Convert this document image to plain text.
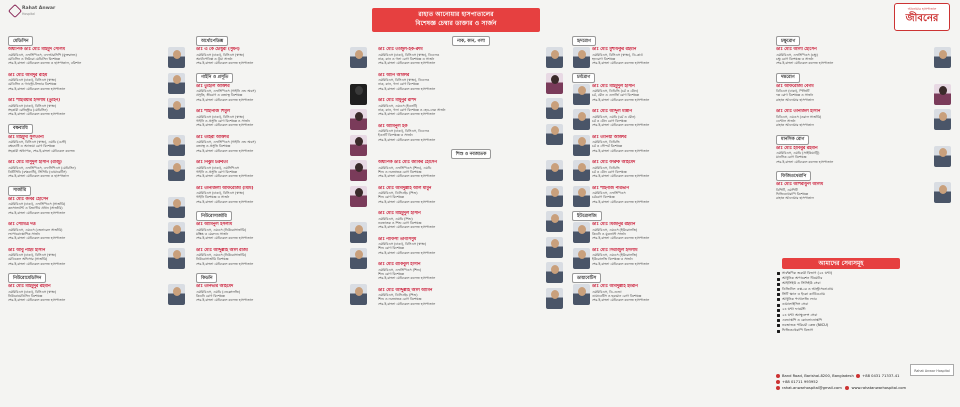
Rahat Anwar
Hospital	রাহাত আনোয়ার হাসপাতালের
বিশেষজ্ঞ চেম্বার ডাক্তার ও সার্জন
আনোয়ার হাসপাতাল
জীবনের
মেডিসিন
অধ্যাপক ডাঃ মোঃ মাহমুদ সেলিম
এমবিবিএস, এফসিপিএস, এফআরসিপি (যুক্তরাজ্য)
মেডিসিন ও নিউরো মেডিসিন বিশেষজ্ঞ
শের-ই-বাংলা মেডিকেল কলেজ ও হাসপাতাল, বরিশাল
ডাঃ মোঃ আবদুর রহিম
এমবিবিএস (ঢাকা), বিসিএস (স্বাস্থ্য)
মেডিসিন ও গ্যাস্ট্রো-লিভার বিশেষজ্ঞ
শের-ই-বাংলা মেডিকেল কলেজ হাসপাতাল
ডাঃ শাহরিয়ার ইসলাম (তুহিন)
এমবিবিএস (ঢাকা), বিসিএস (স্বাস্থ্য)
সহকারী রেজিস্ট্রার (মেডিসিন)
শের-ই-বাংলা মেডিকেল কলেজ হাসপাতাল
বক্ষব্যাধি
ডাঃ মাহমুদা সুলতানা
এমবিবিএস, বিসিএস (স্বাস্থ্য), এমডি (চেস্ট)
বক্ষব্যাধি ও অ্যাজমা রোগ বিশেষজ্ঞ
সহকারী অধ্যাপক, শের-ই-বাংলা মেডিকেল কলেজ
ডাঃ মোঃ মাসুদুল হাসান (রাজু)
এমবিবিএস, এফসিপিএস, এফসিপিএস (মেডিসিন)
ডিটিসিডি (বক্ষব্যাধি), সিসিডি (ডায়াবেটিস)
শের-ই-বাংলা মেডিকেল কলেজ ও হাসপাতাল
সার্জারি
ডাঃ মোঃ কবির হোসেন
এমবিবিএস (ঢাকা), এফসিপিএস (সার্জারি)
কনসালটেন্ট ও বিভাগীয় প্রধান (সার্জারি)
শের-ই-বাংলা মেডিকেল কলেজ হাসপাতাল
ডাঃ সৌমিত্র দত্ত
এমবিবিএস, এমএস (জেনারেল সার্জারি)
ল্যাপারোস্কোপিক সার্জন
শের-ই-বাংলা মেডিকেল কলেজ হাসপাতাল
ডাঃ আবু নাইম হাসান
এমবিবিএস (ঢাকা), বিসিএস (স্বাস্থ্য)
মেডিকেল অফিসার (সার্জারি)
শের-ই-বাংলা মেডিকেল কলেজ হাসপাতাল
নিউরোমেডিসিন
ডাঃ মোঃ মাহমুদুর রহমান
এমবিবিএস (ঢাকা), বিসিএস (স্বাস্থ্য)
নিউরোমেডিসিন বিশেষজ্ঞ
শের-ই-বাংলা মেডিকেল কলেজ হাসপাতাল
অর্থোপেডিক্স
ডাঃ এ কে চৌধুরী (সুমন)
এমবিবিএস (ঢাকা), বিসিএস (স্বাস্থ্য)
অর্থোপেডিক্স ও ট্রমা সার্জন
শের-ই-বাংলা মেডিকেল কলেজ হাসপাতাল
গাইনি ও প্রসূতি
ডাঃ তুহিলি আক্তার
এমবিবিএস, এফসিপিএস (গাইনি এন্ড অবস)
প্রসূতি, স্ত্রীরোগ ও বন্ধ্যাত্ব বিশেষজ্ঞ
শের-ই-বাংলা মেডিকেল কলেজ হাসপাতাল
ডাঃ শাহানাজ শিমুল
এমবিবিএস (ঢাকা), বিসিএস (স্বাস্থ্য)
গাইনি ও প্রসূতি রোগ বিশেষজ্ঞ ও সার্জন
শের-ই-বাংলা মেডিকেল কলেজ হাসপাতাল
ডাঃ তাহরা আক্তার
এমবিবিএস, এফসিপিএস (গাইনি এন্ড অবস)
বন্ধ্যাত্ব ও প্রসূতি বিশেষজ্ঞ
শের-ই-বাংলা মেডিকেল কলেজ হাসপাতাল
ডাঃ নিঝুম চক্রবর্তী
এমবিবিএস (ঢাকা), এমসিপিএস
গাইনি ও প্রসূতি রোগ বিশেষজ্ঞ
শের-ই-বাংলা মেডিকেল কলেজ হাসপাতাল
ডাঃ তানজিলা আফরোজা (মিমি)
এমবিবিএস (ঢাকা), বিসিএস (স্বাস্থ্য)
গাইনি বিশেষজ্ঞ ও সার্জন
শের-ই-বাংলা মেডিকেল কলেজ হাসপাতাল
নিউরোসার্জারি
ডাঃ আমিনুল ইসলাম
এমবিবিএস, এমএস (নিউরোসার্জারি)
মস্তিষ্ক ও মেরুদণ্ড সার্জন
শের-ই-বাংলা মেডিকেল কলেজ হাসপাতাল
ডাঃ মোঃ আব্দুল্লাহ আল রাজী
এমবিবিএস, এমএস (নিউরোসার্জারি)
নিউরোসার্জারি বিশেষজ্ঞ
শের-ই-বাংলা মেডিকেল কলেজ হাসপাতাল
কিডনি
ডাঃ তানভীর আহমেদ
এমবিবিএস, এমডি (নেফ্রোলজি)
কিডনি রোগ বিশেষজ্ঞ
শের-ই-বাংলা মেডিকেল কলেজ হাসপাতাল
নাক, কান, গলা
ডাঃ মোঃ তাজুল-হক-রুমি
এমবিবিএস (ঢাকা), বিসিএস (স্বাস্থ্য), ডিএলও
নাক, কান ও গলা রোগ বিশেষজ্ঞ ও সার্জন
শের-ই-বাংলা মেডিকেল কলেজ হাসপাতাল
ডাঃ আর্নি আক্তার
এমবিবিএস, বিসিএস (স্বাস্থ্য), ডিএলও
নাক, কান, গলা রোগ বিশেষজ্ঞ
শের-ই-বাংলা মেডিকেল কলেজ হাসপাতাল
ডাঃ মোঃ মামুনুর রশিদ
এমবিবিএস, এমএস (ইএনটি)
নাক, কান, গলা রোগ বিশেষজ্ঞ ও হেড-নেক সার্জন
শের-ই-বাংলা মেডিকেল কলেজ হাসপাতাল
ডাঃ আমিনুল হক
এমবিবিএস (ঢাকা), বিসিএস, ডিএলও
ইএনটি বিশেষজ্ঞ ও সার্জন
শের-ই-বাংলা মেডিকেল কলেজ হাসপাতাল
শিশু ও নবজাতক
অধ্যাপক ডাঃ মোঃ জাকির হোসেন
এমবিবিএস, এফসিপিএস (শিশু), এমডি
শিশু ও নবজাতক রোগ বিশেষজ্ঞ
শের-ই-বাংলা মেডিকেল কলেজ হাসপাতাল
ডাঃ মোঃ আবদুল্লাহ আল মামুন
এমবিবিএস, ডিসিএইচ (শিশু)
শিশু রোগ বিশেষজ্ঞ
শের-ই-বাংলা মেডিকেল কলেজ হাসপাতাল
ডাঃ মোঃ মাহমুদুল হাসান
এমবিবিএস, এমডি (শিশু)
নবজাতক ও শিশু রোগ বিশেষজ্ঞ
শের-ই-বাংলা মেডিকেল কলেজ হাসপাতাল
ডাঃ নাফিসা তাবাসসুম
এমবিবিএস (ঢাকা), বিসিএস (স্বাস্থ্য)
শিশু রোগ বিশেষজ্ঞ
শের-ই-বাংলা মেডিকেল কলেজ হাসপাতাল
ডাঃ মোঃ রাকিবুল হাসান
এমবিবিএস, এফসিপিএস (শিশু)
শিশু রোগ বিশেষজ্ঞ
শের-ই-বাংলা মেডিকেল কলেজ হাসপাতাল
ডাঃ মোঃ আব্দুল্লাহ আল আমিন
এমবিবিএস, ডিসিএইচ (শিশু)
শিশু ও নবজাতক রোগ বিশেষজ্ঞ
শের-ই-বাংলা মেডিকেল কলেজ হাসপাতাল
হৃদরোগ
ডাঃ মোঃ মুশফিকুর রহমান
এমবিবিএস, বিসিএস (স্বাস্থ্য), ডি-কার্ড
হৃদরোগ বিশেষজ্ঞ
শের-ই-বাংলা মেডিকেল কলেজ হাসপাতাল
চর্মরোগ
ডাঃ মোঃ মাহমুদুল হাসান
এমবিবিএস, ডিডিভি (চর্ম ও যৌন)
চর্ম, যৌন ও এলার্জি রোগ বিশেষজ্ঞ
শের-ই-বাংলা মেডিকেল কলেজ হাসপাতাল
ডাঃ মোঃ আব্দুল মান্নান
এমবিবিএস, এমডি (চর্ম ও যৌন)
চর্ম ও যৌন রোগ বিশেষজ্ঞ
শের-ই-বাংলা মেডিকেল কলেজ হাসপাতাল
ডাঃ তানিয়া আক্তার
এমবিবিএস, ডিডিভি
চর্ম ও সৌন্দর্য বিশেষজ্ঞ
শের-ই-বাংলা মেডিকেল কলেজ হাসপাতাল
ডাঃ মোঃ ফারুক আহমেদ
এমবিবিএস, ডিডিভি
চর্ম ও যৌন রোগ বিশেষজ্ঞ
শের-ই-বাংলা মেডিকেল কলেজ হাসপাতাল
ডাঃ শাহনাজ পারভীন
এমবিবিএস, এফসিপিএস
চর্মরোগ বিশেষজ্ঞ
শের-ই-বাংলা মেডিকেল কলেজ হাসপাতাল
ইউরোলজি
ডাঃ মোঃ মিজানুর রহমান
এমবিবিএস, এমএস (ইউরোলজি)
কিডনি ও মূত্রনালী সার্জন
শের-ই-বাংলা মেডিকেল কলেজ হাসপাতাল
ডাঃ মোঃ সিরাজুল ইসলাম
এমবিবিএস, এমএস (ইউরোলজি)
ইউরোলজি বিশেষজ্ঞ ও সার্জন
শের-ই-বাংলা মেডিকেল কলেজ হাসপাতাল
ডায়াবেটিস
ডাঃ মোঃ আবদুল্লাহ ইমরান
এমবিবিএস, ডি-এন্ডো
ডায়াবেটিস ও হরমোন রোগ বিশেষজ্ঞ
শের-ই-বাংলা মেডিকেল কলেজ হাসপাতাল
চক্ষুরোগ
ডাঃ মোঃ আলী হোসেন
এমবিবিএস, এফসিপিএস (চক্ষু)
চক্ষু রোগ বিশেষজ্ঞ ও সার্জন
শের-ই-বাংলা মেডিকেল কলেজ হাসপাতাল
দন্তরোগ
ডাঃ আফরোজা বেগম
বিডিএস (ঢাকা), পিজিটি
দন্ত রোগ বিশেষজ্ঞ ও সার্জন
রাহাত আনোয়ার হাসপাতাল
ডাঃ মোঃ তানজিল হাসান
বিডিএস, এমএস (ওরাল সার্জারি)
ডেন্টাল সার্জন
রাহাত আনোয়ার হাসপাতাল
মানসিক রোগ
ডাঃ মোঃ হাবিবুর রহমান
এমবিবিএস, এমডি (সাইকিয়াট্রি)
মানসিক রোগ বিশেষজ্ঞ
শের-ই-বাংলা মেডিকেল কলেজ হাসপাতাল
ফিজিওথেরাপি
ডাঃ মোঃ আশরাফুল আলম
বিপিটি, এমপিটি
ফিজিওথেরাপি বিশেষজ্ঞ
রাহাত আনোয়ার হাসপাতাল
আমাদের সেবাসমূহ
সার্বক্ষণিক জরুরী বিভাগ (২৪ ঘন্টা)
আধুনিক অপারেশন থিয়েটার
আইসিইউ ও সিসিইউ সেবা
ডিজিটাল এক্স-রে ও আল্ট্রাসনোগ্রাম
সিটি স্ক্যান ও ইকো কার্ডিওগ্রাম
আধুনিক প্যাথলজি ল্যাব
ডায়ালাইসিস সেবা
২৪ ঘন্টা ফার্মেসী
২৪ ঘন্টা অ্যাম্বুলেন্স সেবা
এন্ডোস্কপি ও কোলোনোস্কপি
নবজাতক পরিচর্যা কেন্দ্র (NICU)
ফিজিওথেরাপি বিভাগ
Rahat Anwar Hospital
Band Road, Barishal-8200, Bangladesh +88 0431 71337-41
+88 01711 993952
rahat.anwarhospital@gmail.com	www.rahatanwarhospital.com
